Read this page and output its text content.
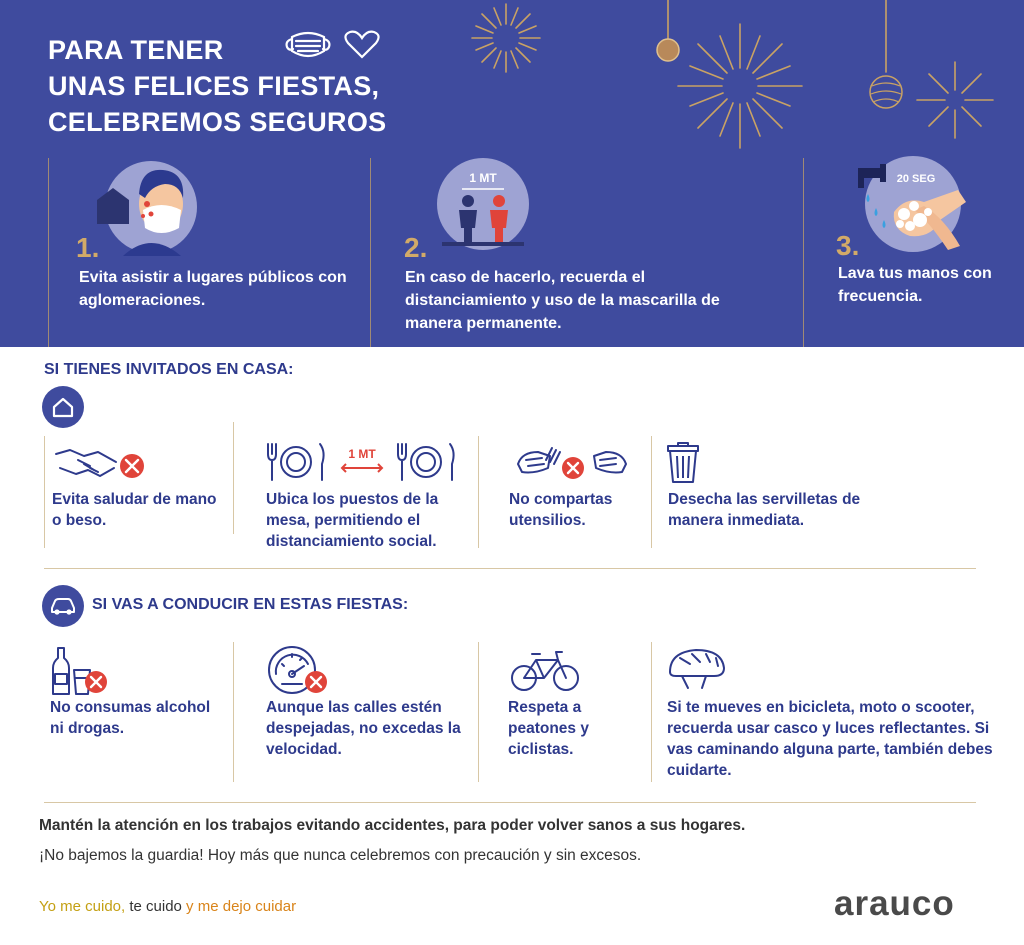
PARA TENER
UNAS FELICES FIESTAS,
CELEBREMOS SEGUROS
1.
Evita asistir a lugares públicos con aglomeraciones.
1 MT
2.
En caso de hacerlo, recuerda el distanciamiento y uso de la mascarilla de manera permanente.
20 SEG
3.
Lava tus manos con frecuencia.
SI TIENES INVITADOS EN CASA:
Evita saludar de mano o beso.
1 MT
Ubica los puestos de la mesa, permitiendo el distanciamiento social.
No compartas utensilios.
Desecha las servilletas de manera inmediata.
SI VAS A CONDUCIR EN ESTAS FIESTAS:
No consumas alcohol ni drogas.
Aunque las calles estén despejadas, no excedas la velocidad.
Respeta a peatones y ciclistas.
Si te mueves en bicicleta, moto o scooter, recuerda usar casco y luces reflectantes. Si vas caminando alguna parte, también debes cuidarte.
Mantén la atención en los trabajos evitando accidentes, para poder volver sanos a sus hogares.
¡No bajemos la guardia! Hoy más que nunca celebremos con precaución y sin excesos.
Yo me cuido, te cuido y me dejo cuidar	arauco
